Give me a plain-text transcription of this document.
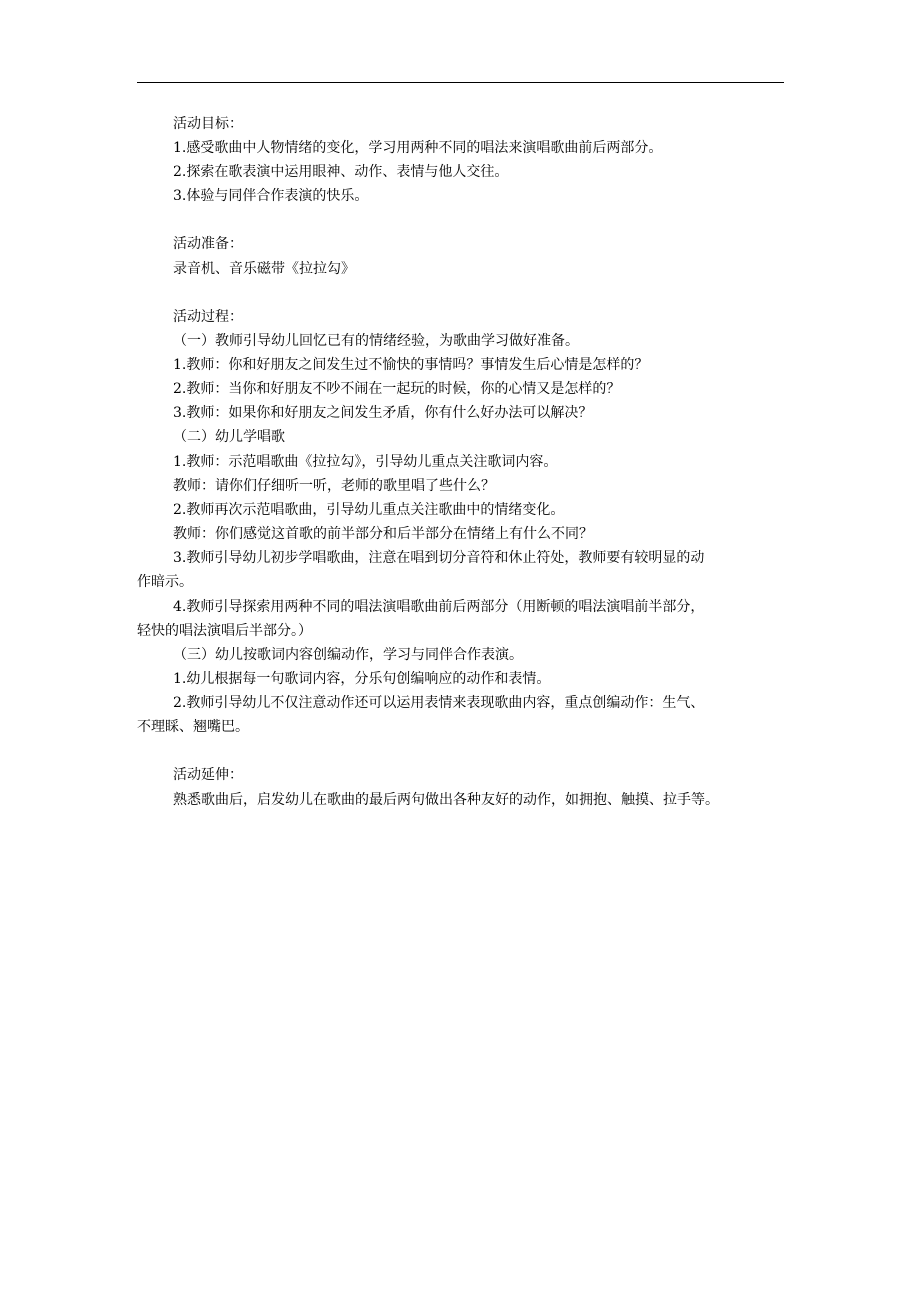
活动目标：
1.感受歌曲中人物情绪的变化，学习用两种不同的唱法来演唱歌曲前后两部分。
2.探索在歌表演中运用眼神、动作、表情与他人交往。
3.体验与同伴合作表演的快乐。
活动准备：
录音机、音乐磁带《拉拉勾》
活动过程：
（一）教师引导幼儿回忆已有的情绪经验，为歌曲学习做好准备。
1.教师：你和好朋友之间发生过不愉快的事情吗？事情发生后心情是怎样的？
2.教师：当你和好朋友不吵不闹在一起玩的时候，你的心情又是怎样的？
3.教师：如果你和好朋友之间发生矛盾，你有什么好办法可以解决？
（二）幼儿学唱歌
1.教师：示范唱歌曲《拉拉勾》，引导幼儿重点关注歌词内容。
教师：请你们仔细听一听，老师的歌里唱了些什么？
2.教师再次示范唱歌曲，引导幼儿重点关注歌曲中的情绪变化。
教师：你们感觉这首歌的前半部分和后半部分在情绪上有什么不同？
3.教师引导幼儿初步学唱歌曲，注意在唱到切分音符和休止符处，教师要有较明显的动
作暗示。
4.教师引导探索用两种不同的唱法演唱歌曲前后两部分（用断顿的唱法演唱前半部分，
轻快的唱法演唱后半部分。）
（三）幼儿按歌词内容创编动作，学习与同伴合作表演。
1.幼儿根据每一句歌词内容，分乐句创编响应的动作和表情。
2.教师引导幼儿不仅注意动作还可以运用表情来表现歌曲内容，重点创编动作：生气、
不理睬、翘嘴巴。
活动延伸：
熟悉歌曲后，启发幼儿在歌曲的最后两句做出各种友好的动作，如拥抱、触摸、拉手等。
